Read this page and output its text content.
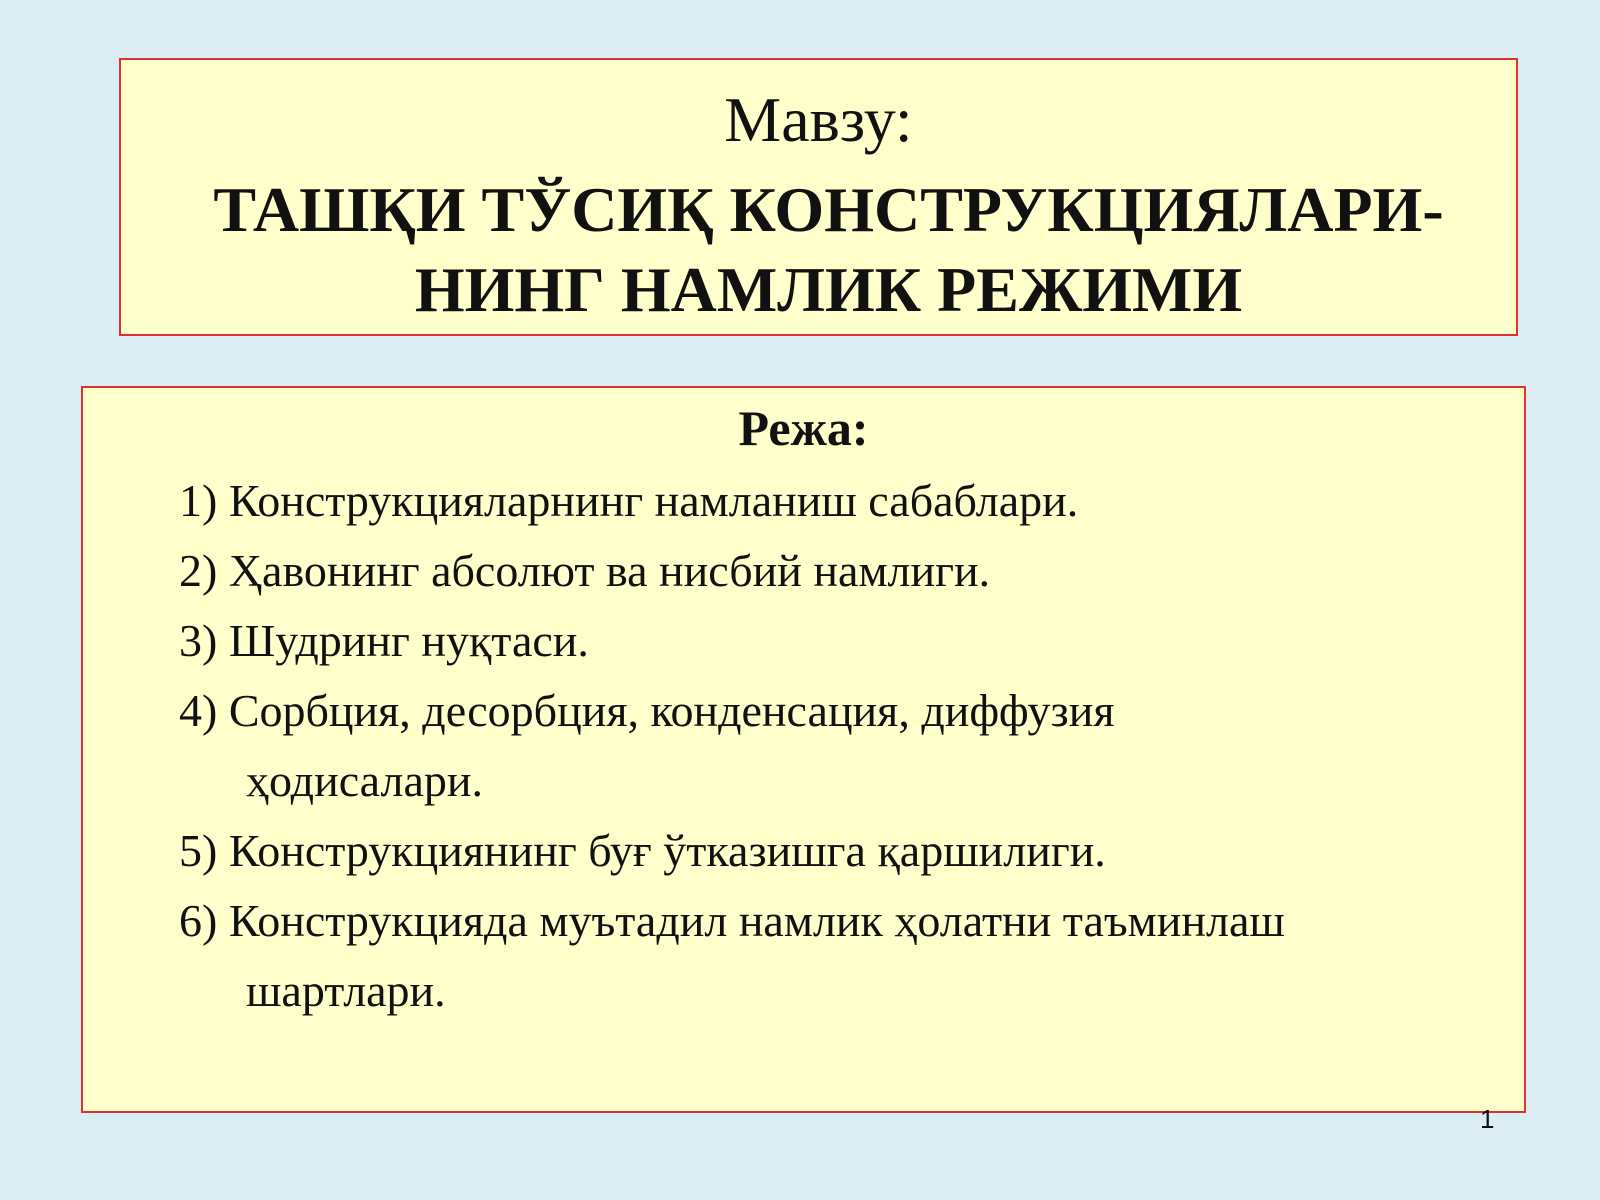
Мавзу:
ТАШҚИ ТЎСИҚ КОНСТРУКЦИЯЛАРИ-
НИНГ НАМЛИК РЕЖИМИ
Режа:
1) Конструкцияларнинг намланиш сабаблари.
2) Ҳавонинг абсолют ва нисбий намлиги.
3) Шудринг нуқтаси.
4) Сорбция, десорбция, конденсация, диффузия
ҳодисалари.
5) Конструкциянинг буғ ўтказишга қаршилиги.
6) Конструкцияда муътадил намлик ҳолатни таъминлаш
шартлари.
1
